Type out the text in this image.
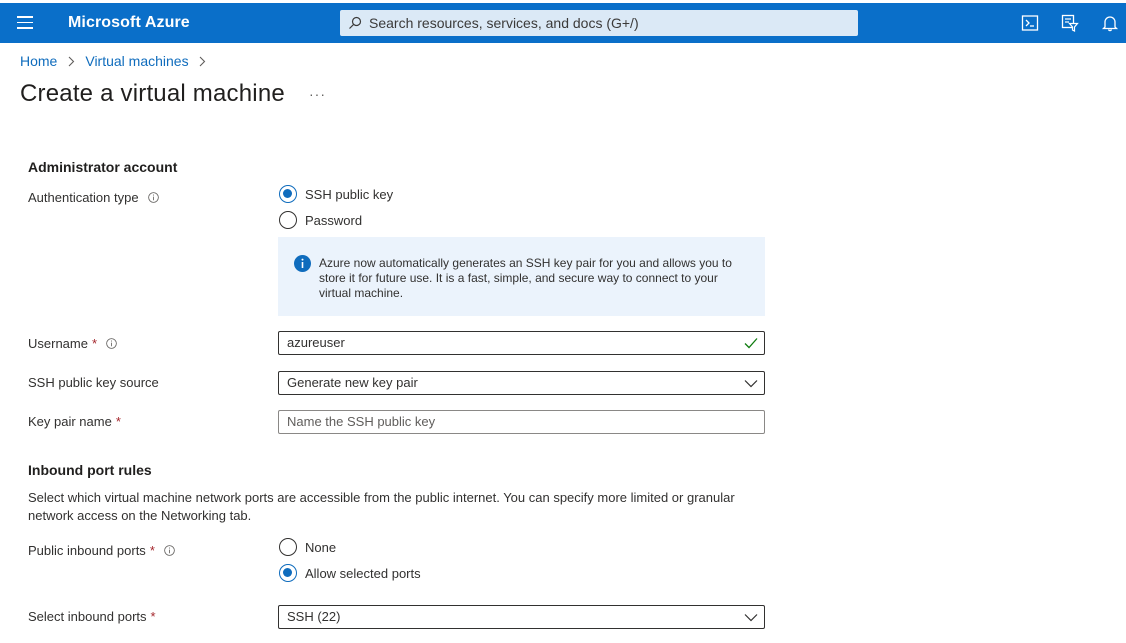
Microsoft Azure	Search resources, services, and docs (G+/)
Home Virtual machines
Create a virtual machine ···
Administrator account
Authentication type	SSH public key
Password
Azure now automatically generates an SSH key pair for you and allows you to store it for future use. It is a fast, simple, and secure way to connect to your virtual machine.
Username *	azureuser
SSH public key source	Generate new key pair
Key pair name *	Name the SSH public key
Inbound port rules
Select which virtual machine network ports are accessible from the public internet. You can specify more limited or granular network access on the Networking tab.
Public inbound ports *	None
Allow selected ports
Select inbound ports *	SSH (22)
